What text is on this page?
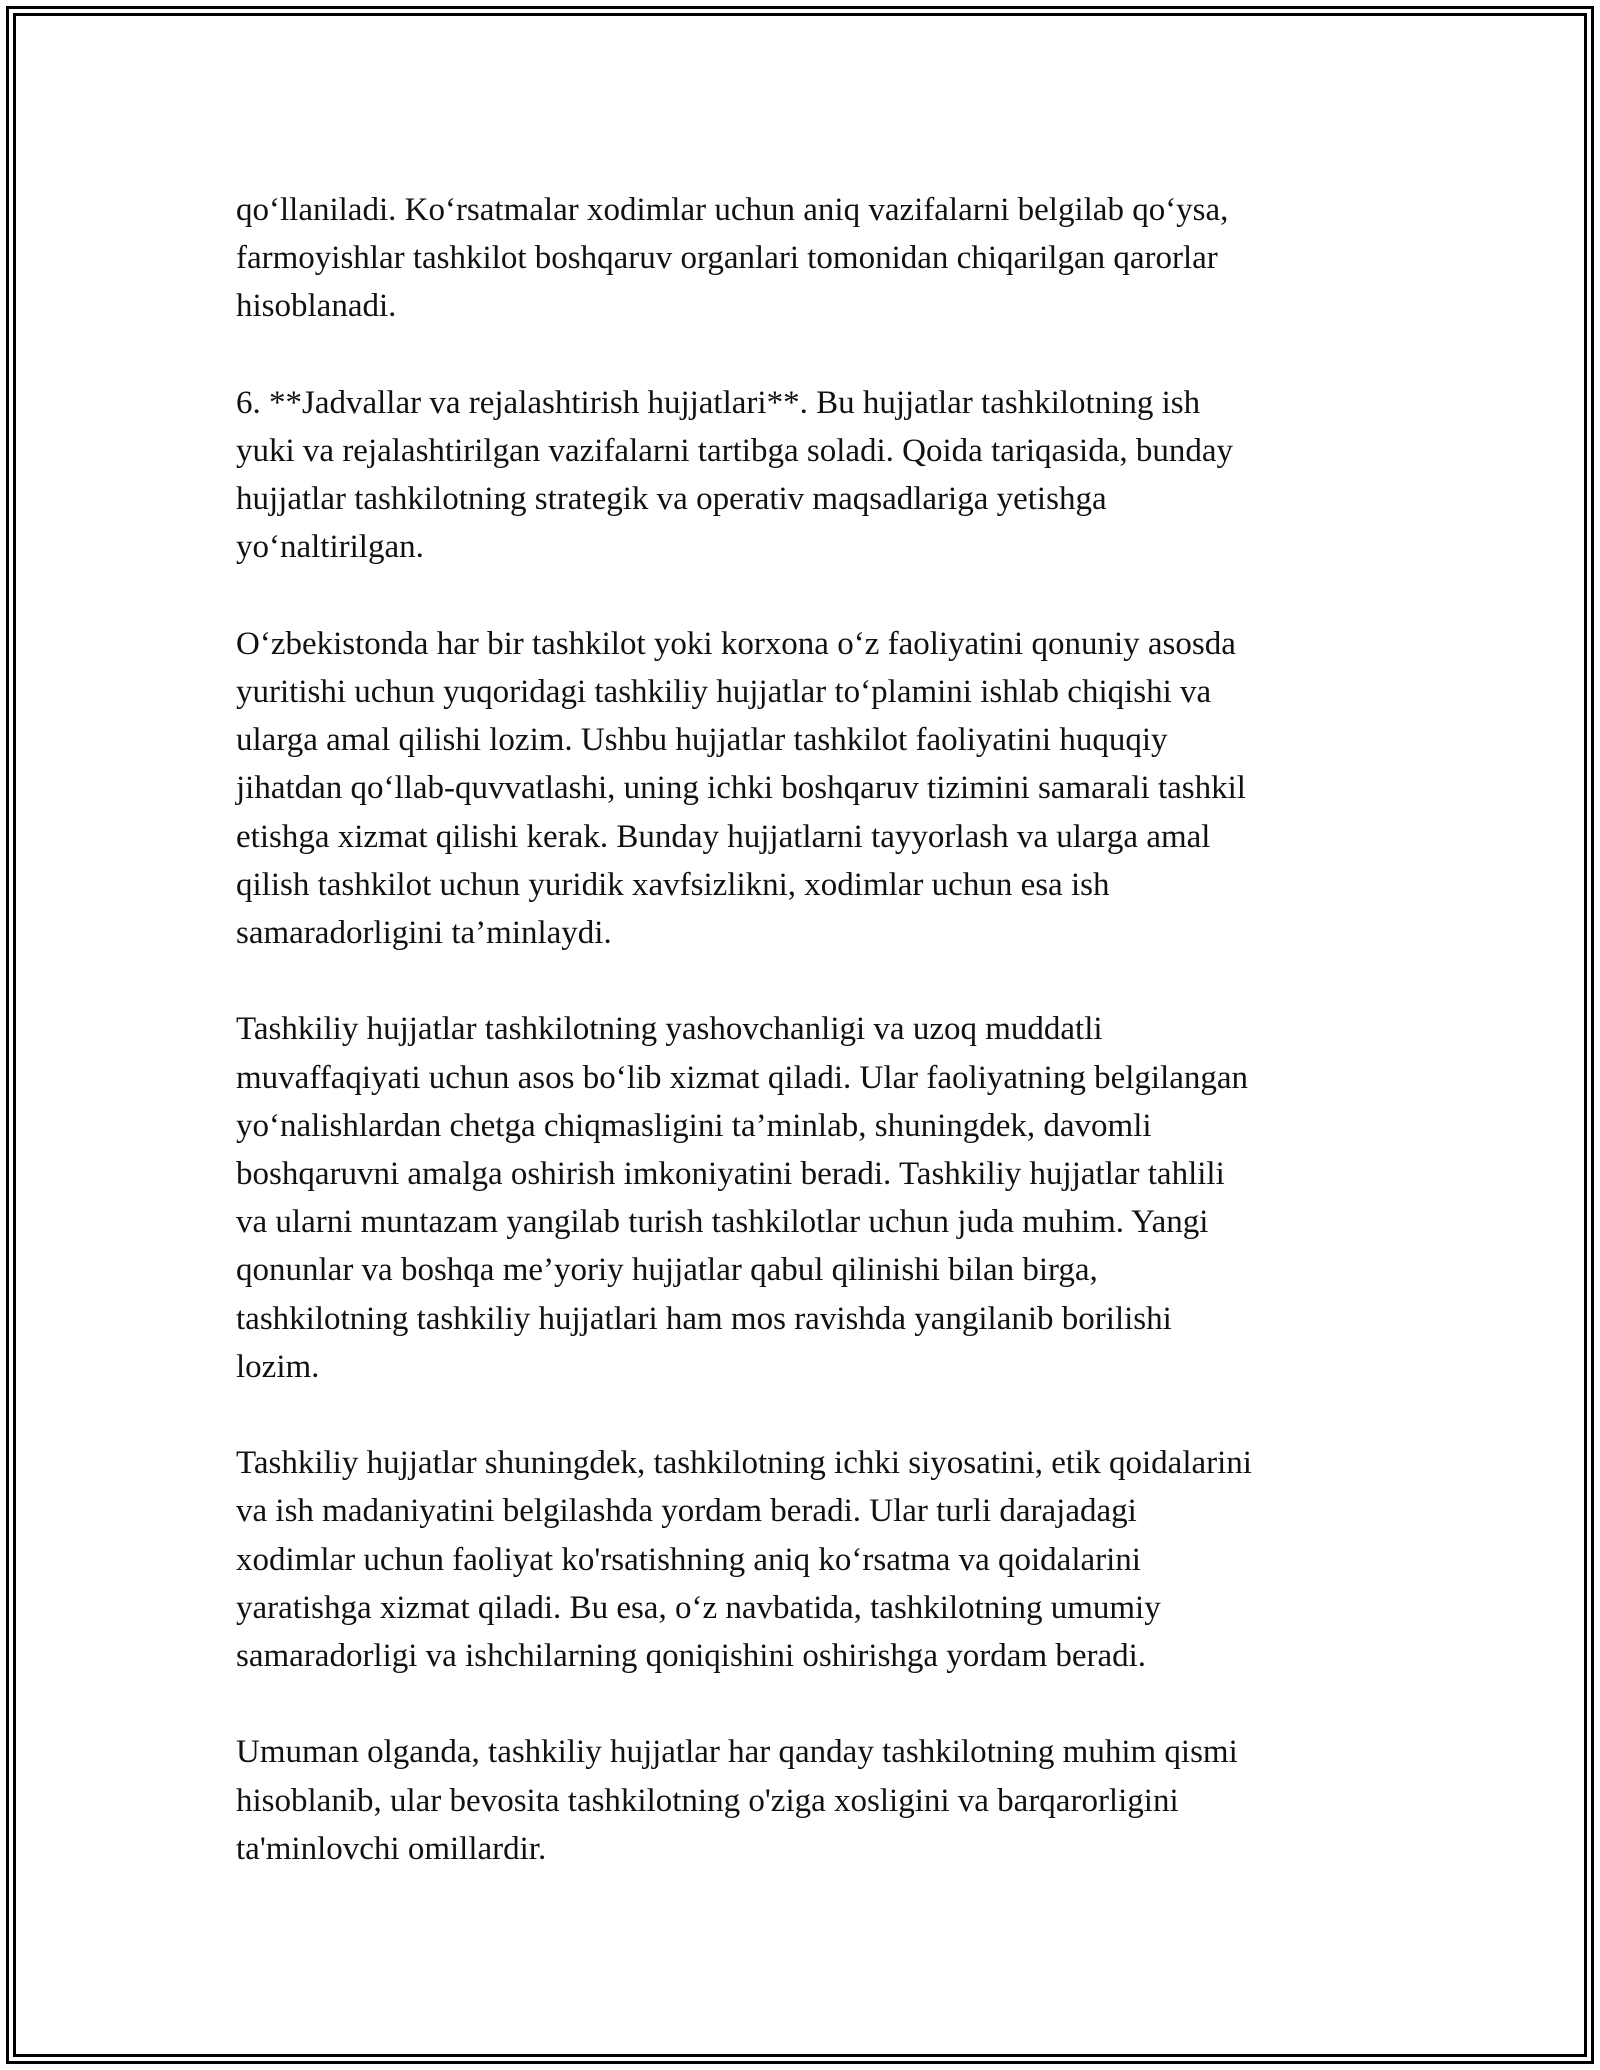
qo‘llaniladi. Ko‘rsatmalar xodimlar uchun aniq vazifalarni belgilab qo‘ysa,
farmoyishlar tashkilot boshqaruv organlari tomonidan chiqarilgan qarorlar
hisoblanadi.

6. **Jadvallar va rejalashtirish hujjatlari**. Bu hujjatlar tashkilotning ish
yuki va rejalashtirilgan vazifalarni tartibga soladi. Qoida tariqasida, bunday
hujjatlar tashkilotning strategik va operativ maqsadlariga yetishga
yo‘naltirilgan.

O‘zbekistonda har bir tashkilot yoki korxona o‘z faoliyatini qonuniy asosda
yuritishi uchun yuqoridagi tashkiliy hujjatlar to‘plamini ishlab chiqishi va
ularga amal qilishi lozim. Ushbu hujjatlar tashkilot faoliyatini huquqiy
jihatdan qo‘llab-quvvatlashi, uning ichki boshqaruv tizimini samarali tashkil
etishga xizmat qilishi kerak. Bunday hujjatlarni tayyorlash va ularga amal
qilish tashkilot uchun yuridik xavfsizlikni, xodimlar uchun esa ish
samaradorligini ta’minlaydi.

Tashkiliy hujjatlar tashkilotning yashovchanligi va uzoq muddatli
muvaffaqiyati uchun asos bo‘lib xizmat qiladi. Ular faoliyatning belgilangan
yo‘nalishlardan chetga chiqmasligini ta’minlab, shuningdek, davomli
boshqaruvni amalga oshirish imkoniyatini beradi. Tashkiliy hujjatlar tahlili
va ularni muntazam yangilab turish tashkilotlar uchun juda muhim. Yangi
qonunlar va boshqa me’yoriy hujjatlar qabul qilinishi bilan birga,
tashkilotning tashkiliy hujjatlari ham mos ravishda yangilanib borilishi
lozim.

Tashkiliy hujjatlar shuningdek, tashkilotning ichki siyosatini, etik qoidalarini
va ish madaniyatini belgilashda yordam beradi. Ular turli darajadagi
xodimlar uchun faoliyat ko'rsatishning aniq ko‘rsatma va qoidalarini
yaratishga xizmat qiladi. Bu esa, o‘z navbatida, tashkilotning umumiy
samaradorligi va ishchilarning qoniqishini oshirishga yordam beradi.

Umuman olganda, tashkiliy hujjatlar har qanday tashkilotning muhim qismi
hisoblanib, ular bevosita tashkilotning o'ziga xosligini va barqarorligini
ta'minlovchi omillardir.
